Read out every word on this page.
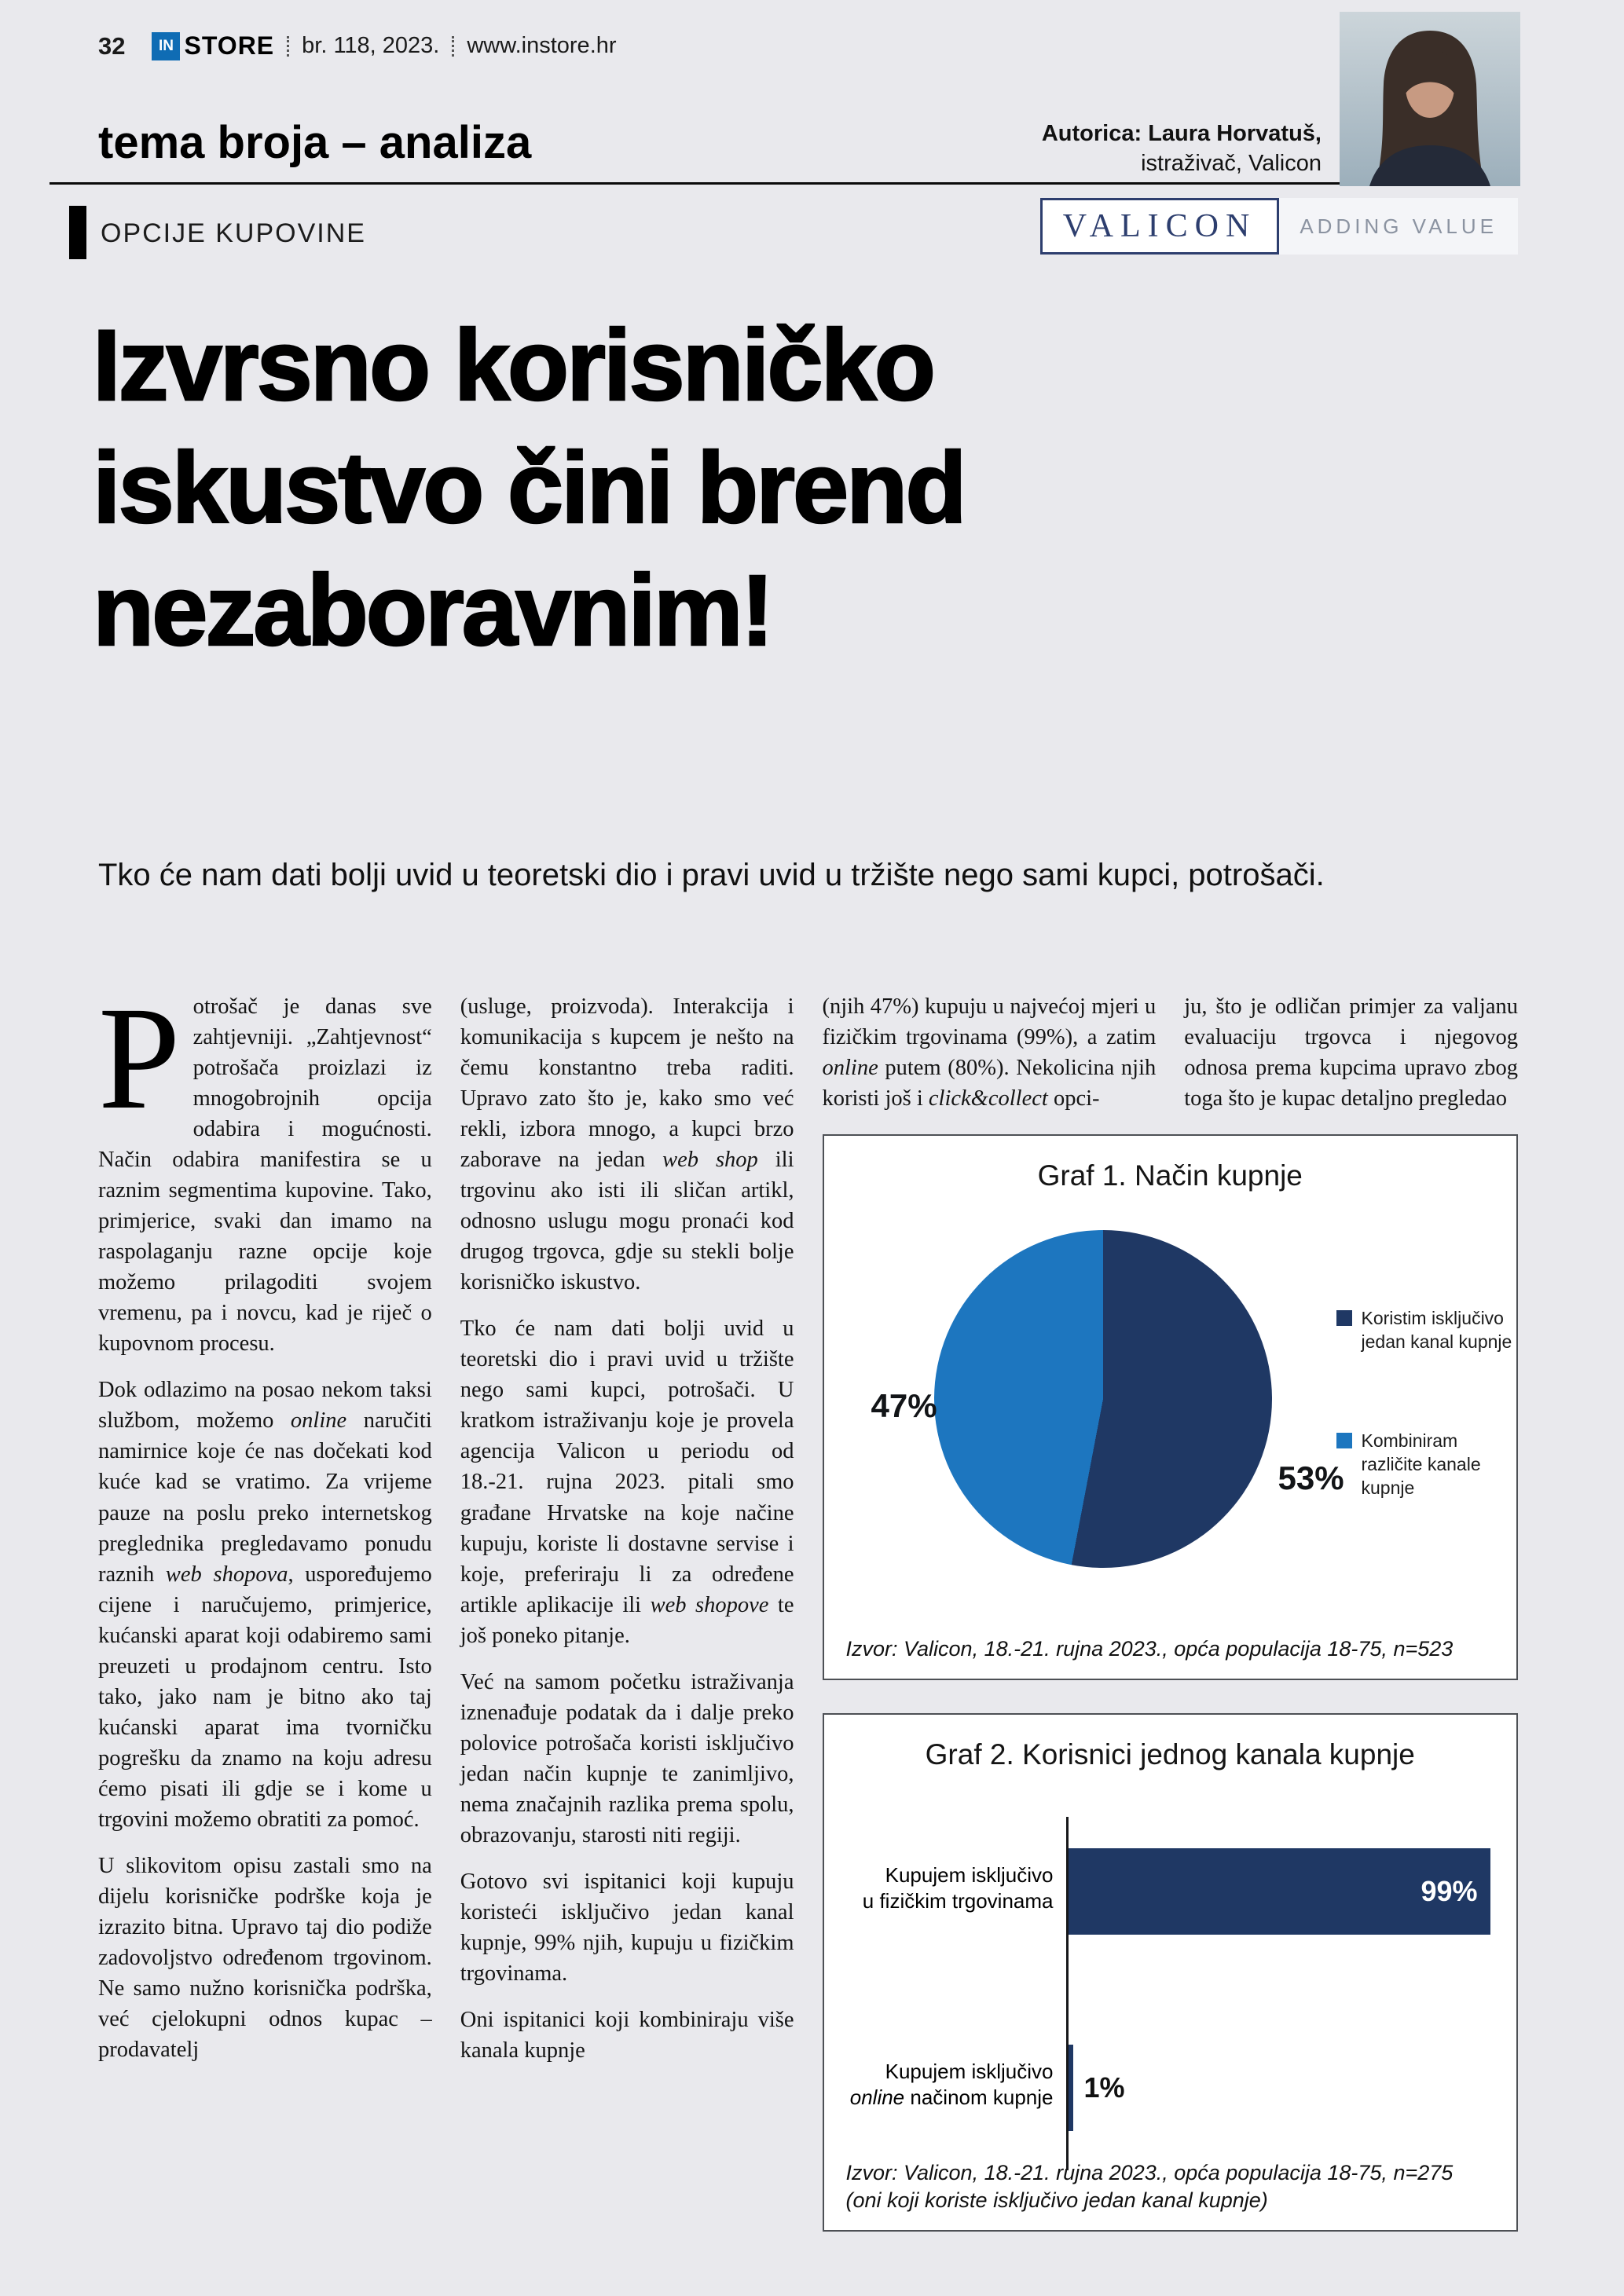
32	IN STORE br. 118, 2023. www.instore.hr
tema broja – analiza	Autorica: Laura Horvatuš,
istraživač, Valicon
OPCIJE KUPOVINE	VALICON	ADDING VALUE
Izvrsno korisničko
iskustvo čini brend
nezaboravnim!
Tko će nam dati bolji uvid u teoretski dio i pravi uvid u tržište nego sami kupci, potrošači.

Potrošač je danas sve zahtjevniji. „Zahtjevnost“ potrošača proizlazi iz mnogobrojnih opcija odabira i mogućnosti. Način odabira manifestira se u raznim segmentima kupovine. Tako, primjerice, svaki dan imamo na raspolaganju razne opcije koje možemo prilagoditi svojem vremenu, pa i novcu, kad je riječ o kupovnom procesu.

Dok odlazimo na posao nekom taksi službom, možemo online naručiti namirnice koje će nas dočekati kod kuće kad se vratimo. Za vrijeme pauze na poslu preko internetskog preglednika pregledavamo ponudu raznih web shopova, uspoređujemo cijene i naručujemo, primjerice, kućanski aparat koji odabiremo sami preuzeti u prodajnom centru. Isto tako, jako nam je bitno ako taj kućanski aparat ima tvorničku pogrešku da znamo na koju adresu ćemo pisati ili gdje se i kome u trgovini možemo obratiti za pomoć.

U slikovitom opisu zastali smo na dijelu korisničke podrške koja je izrazito bitna. Upravo taj dio podiže zadovoljstvo određenom trgovinom. Ne samo nužno korisnička podrška, već cjelokupni odnos kupac – prodavatelj

(usluge, proizvoda). Interakcija i komunikacija s kupcem je nešto na čemu konstantno treba raditi. Upravo zato što je, kako smo već rekli, izbora mnogo, a kupci brzo zaborave na jedan web shop ili trgovinu ako isti ili sličan artikl, odnosno uslugu mogu pronaći kod drugog trgovca, gdje su stekli bolje korisničko iskustvo.

Tko će nam dati bolji uvid u teoretski dio i pravi uvid u tržište nego sami kupci, potrošači. U kratkom istraživanju koje je provela agencija Valicon u periodu od 18.-21. rujna 2023. pitali smo građane Hrvatske na koje načine kupuju, koriste li dostavne servise i koje, preferiraju li za određene artikle aplikacije ili web shopove te još poneko pitanje.

Već na samom početku istraživanja iznenađuje podatak da i dalje preko polovice potrošača koristi isključivo jedan način kupnje te zanimljivo, nema značajnih razlika prema spolu, obrazovanju, starosti niti regiji.

Gotovo svi ispitanici koji kupuju koristeći isključivo jedan kanal kupnje, 99% njih, kupuju u fizičkim trgovinama.

Oni ispitanici koji kombiniraju više kanala kupnje

(njih 47%) kupuju u najvećoj mjeri u fizičkim trgovinama (99%), a zatim online putem (80%). Nekolicina njih koristi još i click&collect opci-

ju, što je odličan primjer za valjanu evaluaciju trgovca i njegovog odnosa prema kupcima upravo zbog toga što je kupac detaljno pregledao

Graf 1. Način kupnje
47%
53%
Koristim isključivo jedan kanal kupnje
Kombiniram različite kanale kupnje
Izvor: Valicon, 18.-21. rujna 2023., opća populacija 18-75, n=523
Graf 2. Korisnici jednog kanala kupnje
Kupujem isključivo
u fizičkim trgovinama
Kupujem isključivo
online načinom kupnje
99%
1%
Izvor: Valicon, 18.-21. rujna 2023., opća populacija 18-75, n=275
(oni koji koriste isključivo jedan kanal kupnje)
